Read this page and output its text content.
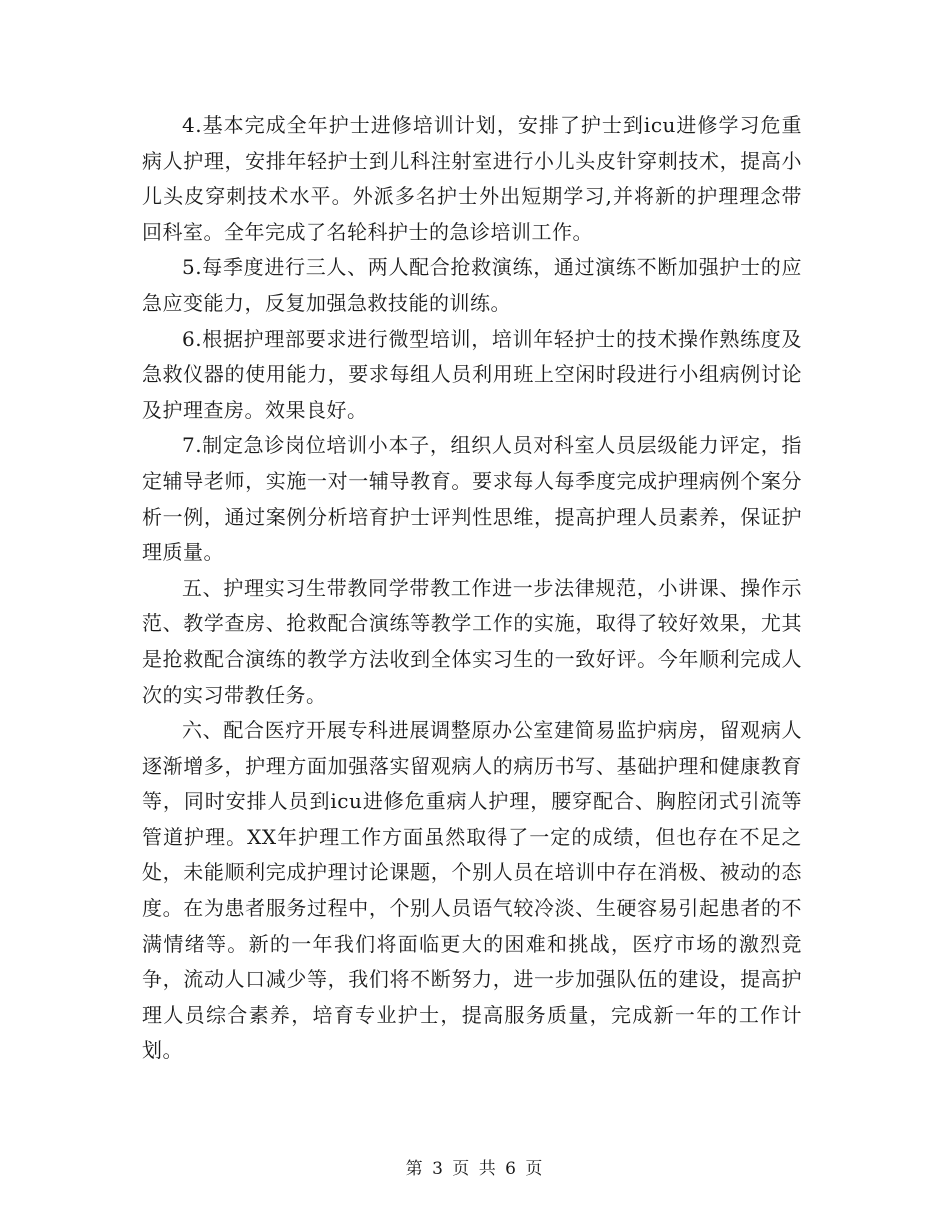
4.基本完成全年护士进修培训计划，安排了护士到icu进修学习危重病人护理，安排年轻护士到儿科注射室进行小儿头皮针穿刺技术，提高小儿头皮穿刺技术水平。外派多名护士外出短期学习,并将新的护理理念带回科室。全年完成了名轮科护士的急诊培训工作。

5.每季度进行三人、两人配合抢救演练，通过演练不断加强护士的应急应变能力，反复加强急救技能的训练。

6.根据护理部要求进行微型培训，培训年轻护士的技术操作熟练度及急救仪器的使用能力，要求每组人员利用班上空闲时段进行小组病例讨论及护理查房。效果良好。

7.制定急诊岗位培训小本子，组织人员对科室人员层级能力评定，指定辅导老师，实施一对一辅导教育。要求每人每季度完成护理病例个案分析一例，通过案例分析培育护士评判性思维，提高护理人员素养，保证护理质量。

五、护理实习生带教同学带教工作进一步法律规范，小讲课、操作示范、教学查房、抢救配合演练等教学工作的实施，取得了较好效果，尤其是抢救配合演练的教学方法收到全体实习生的一致好评。今年顺利完成人次的实习带教任务。

六、配合医疗开展专科进展调整原办公室建简易监护病房，留观病人逐渐增多，护理方面加强落实留观病人的病历书写、基础护理和健康教育等，同时安排人员到icu进修危重病人护理，腰穿配合、胸腔闭式引流等管道护理。XX年护理工作方面虽然取得了一定的成绩，但也存在不足之处，未能顺利完成护理讨论课题，个别人员在培训中存在消极、被动的态度。在为患者服务过程中，个别人员语气较冷淡、生硬容易引起患者的不满情绪等。新的一年我们将面临更大的困难和挑战，医疗市场的激烈竞争，流动人口减少等，我们将不断努力，进一步加强队伍的建设，提高护理人员综合素养，培育专业护士，提高服务质量，完成新一年的工作计划。

第 3 页 共 6 页
